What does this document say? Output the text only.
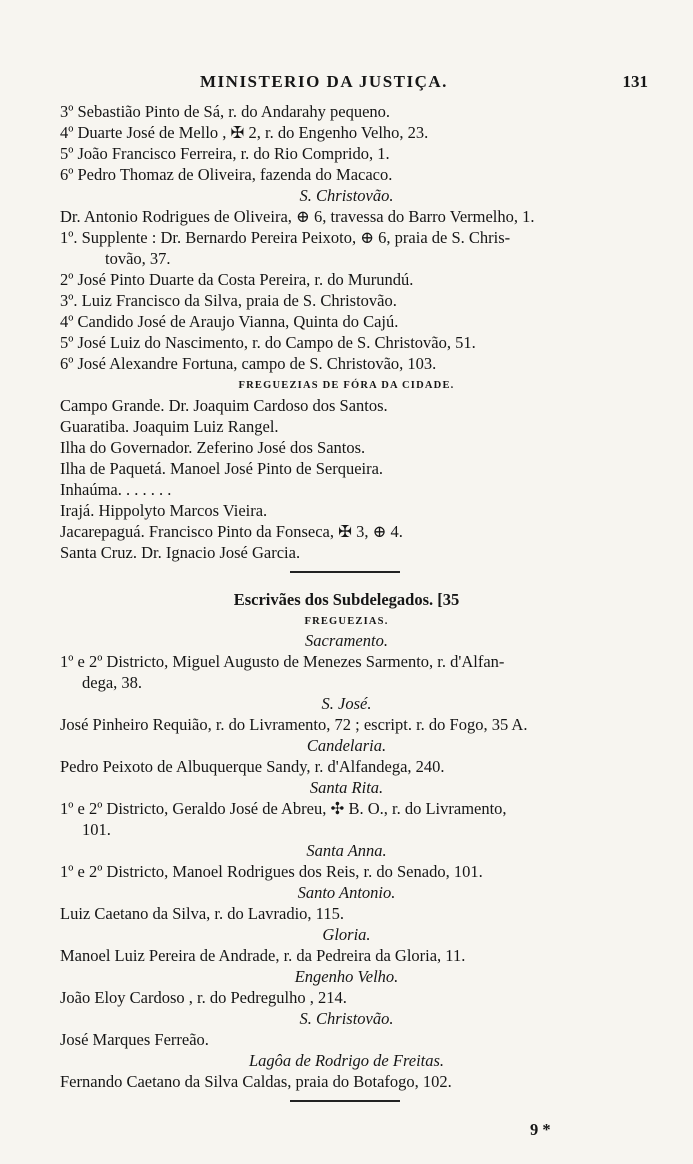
MINISTERIO DA JUSTIÇA.	131
3º Sebastião Pinto de Sá, r. do Andarahy pequeno.
4º Duarte José de Mello , ✠ 2, r. do Engenho Velho, 23.
5º João Francisco Ferreira, r. do Rio Comprido, 1.
6º Pedro Thomaz de Oliveira, fazenda do Macaco.
S. Christovão.
Dr. Antonio Rodrigues de Oliveira, ⊕ 6, travessa do Barro Vermelho, 1.
1º. Supplente : Dr. Bernardo Pereira Peixoto, ⊕ 6, praia de S. Chris-
tovão, 37.
2º José Pinto Duarte da Costa Pereira, r. do Murundú.
3º. Luiz Francisco da Silva, praia de S. Christovão.
4º Candido José de Araujo Vianna, Quinta do Cajú.
5º José Luiz do Nascimento, r. do Campo de S. Christovão, 51.
6º José Alexandre Fortuna, campo de S. Christovão, 103.
FREGUEZIAS DE FÓRA DA CIDADE.
Campo Grande. Dr. Joaquim Cardoso dos Santos.
Guaratiba. Joaquim Luiz Rangel.
Ilha do Governador. Zeferino José dos Santos.
Ilha de Paquetá. Manoel José Pinto de Serqueira.
Inhaúma. . . . . . .
Irajá. Hippolyto Marcos Vieira.
Jacarepaguá. Francisco Pinto da Fonseca, ✠ 3, ⊕ 4.
Santa Cruz. Dr. Ignacio José Garcia.
Escrivães dos Subdelegados. [35
FREGUEZIAS.
Sacramento.
1º e 2º Districto, Miguel Augusto de Menezes Sarmento, r. d'Alfan-
dega, 38.
S. José.
José Pinheiro Requião, r. do Livramento, 72 ; escript. r. do Fogo, 35 A.
Candelaria.
Pedro Peixoto de Albuquerque Sandy, r. d'Alfandega, 240.
Santa Rita.
1º e 2º Districto, Geraldo José de Abreu, ✣ B. O., r. do Livramento,
101.
Santa Anna.
1º e 2º Districto, Manoel Rodrigues dos Reis, r. do Senado, 101.
Santo Antonio.
Luiz Caetano da Silva, r. do Lavradio, 115.
Gloria.
Manoel Luiz Pereira de Andrade, r. da Pedreira da Gloria, 11.
Engenho Velho.
João Eloy Cardoso , r. do Pedregulho , 214.
S. Christovão.
José Marques Ferreão.
Lagôa de Rodrigo de Freitas.
Fernando Caetano da Silva Caldas, praia do Botafogo, 102.
9 *
